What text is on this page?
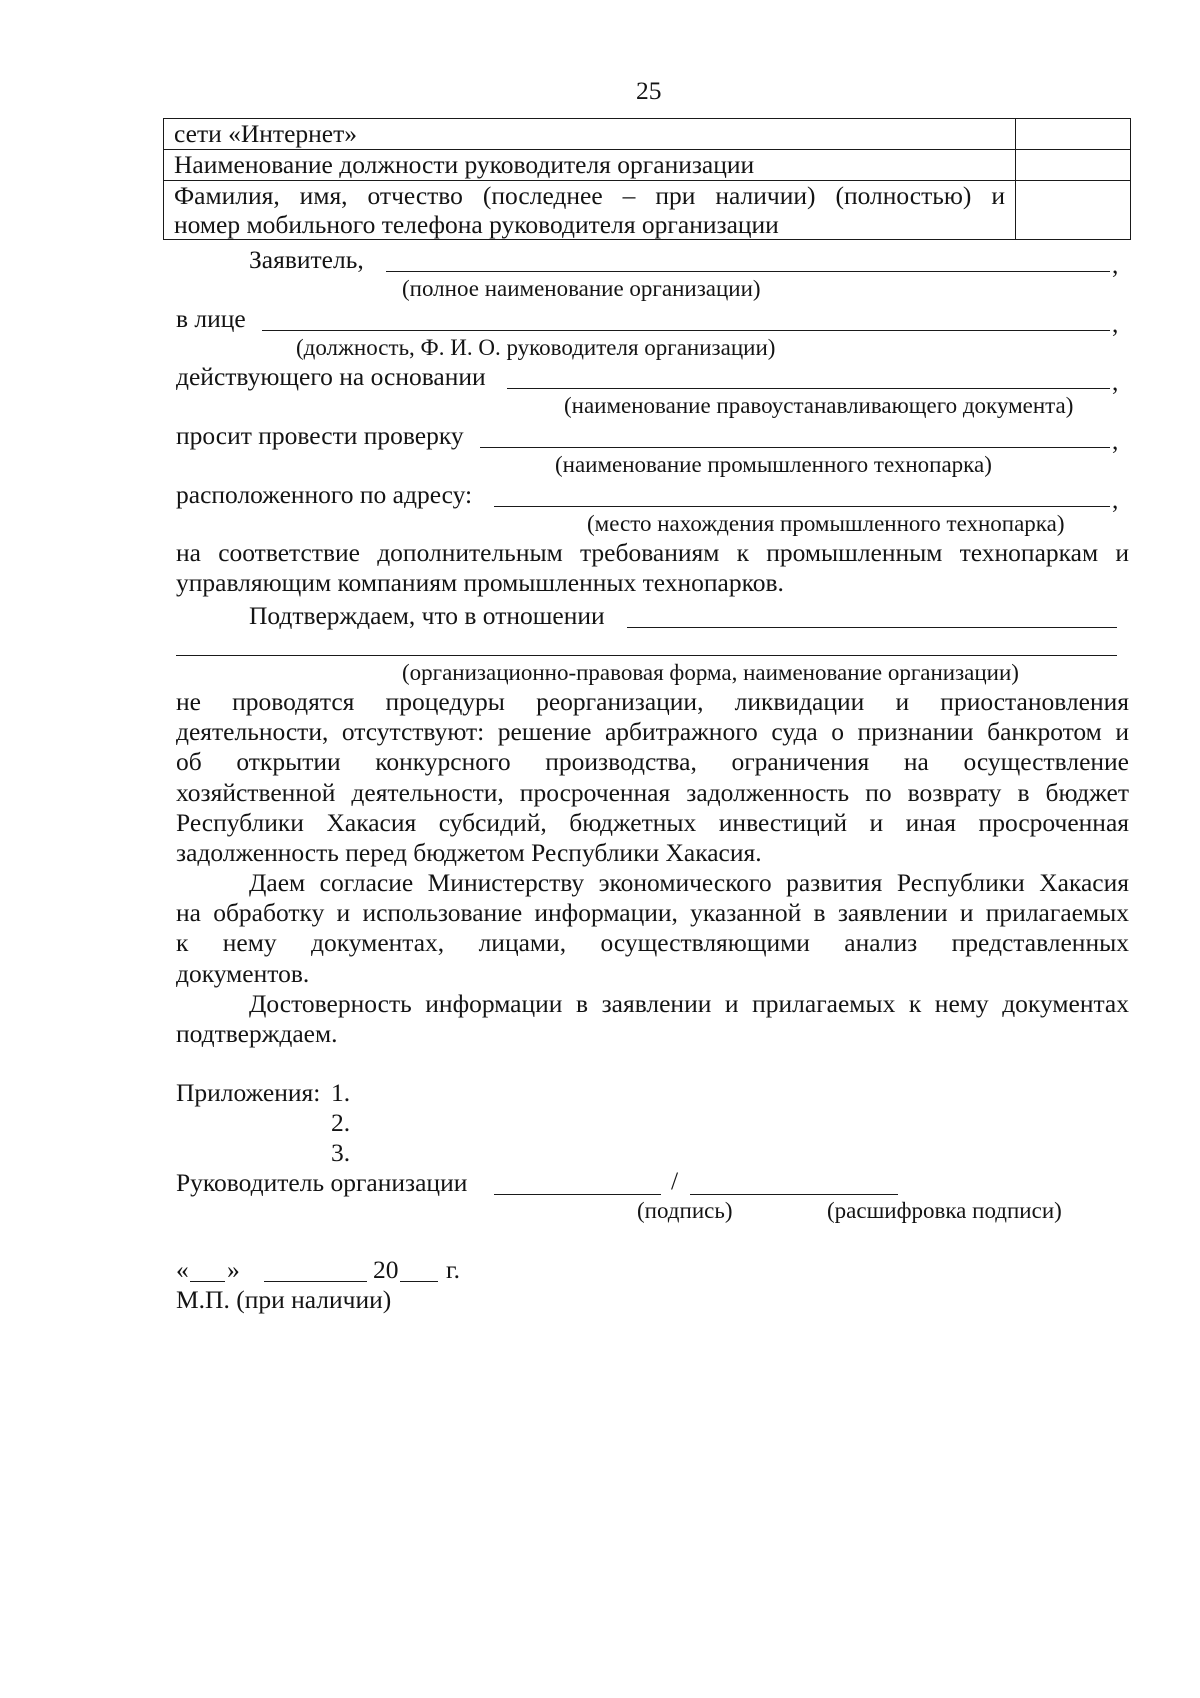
25
сети «Интернет»	
Наименование должности руководителя организации	

Фамилия, имя, отчество (последнее – при наличии) (полностью) и
номер мобильного телефона руководителя организации	

Заявитель,	,
(полное наименование организации)
в лице	,
(должность, Ф. И. О. руководителя организации)
действующего на основании	,
(наименование правоустанавливающего документа)
просит провести проверку	,
(наименование промышленного технопарка)
расположенного по адресу:	,
(место нахождения промышленного технопарка)
на соответствие дополнительным требованиям к промышленным технопаркам и
управляющим компаниям промышленных технопарков.
Подтверждаем, что в отношении
(организационно-правовая форма, наименование организации)
не проводятся процедуры реорганизации, ликвидации и приостановления
деятельности, отсутствуют: решение арбитражного суда о признании банкротом и
об открытии конкурсного производства, ограничения на осуществление
хозяйственной деятельности, просроченная задолженность по возврату в бюджет
Республики Хакасия субсидий, бюджетных инвестиций и иная просроченная
задолженность перед бюджетом Республики Хакасия.
Даем согласие Министерству экономического развития Республики Хакасия
на обработку и использование информации, указанной в заявлении и прилагаемых
к нему документах, лицами, осуществляющими анализ представленных
документов.
Достоверность информации в заявлении и прилагаемых к нему документах
подтверждаем.
Приложения: 1.
2.
3.
Руководитель организации	/
(подпись)	(расшифровка подписи)
« »	20 г.
М.П. (при наличии)
